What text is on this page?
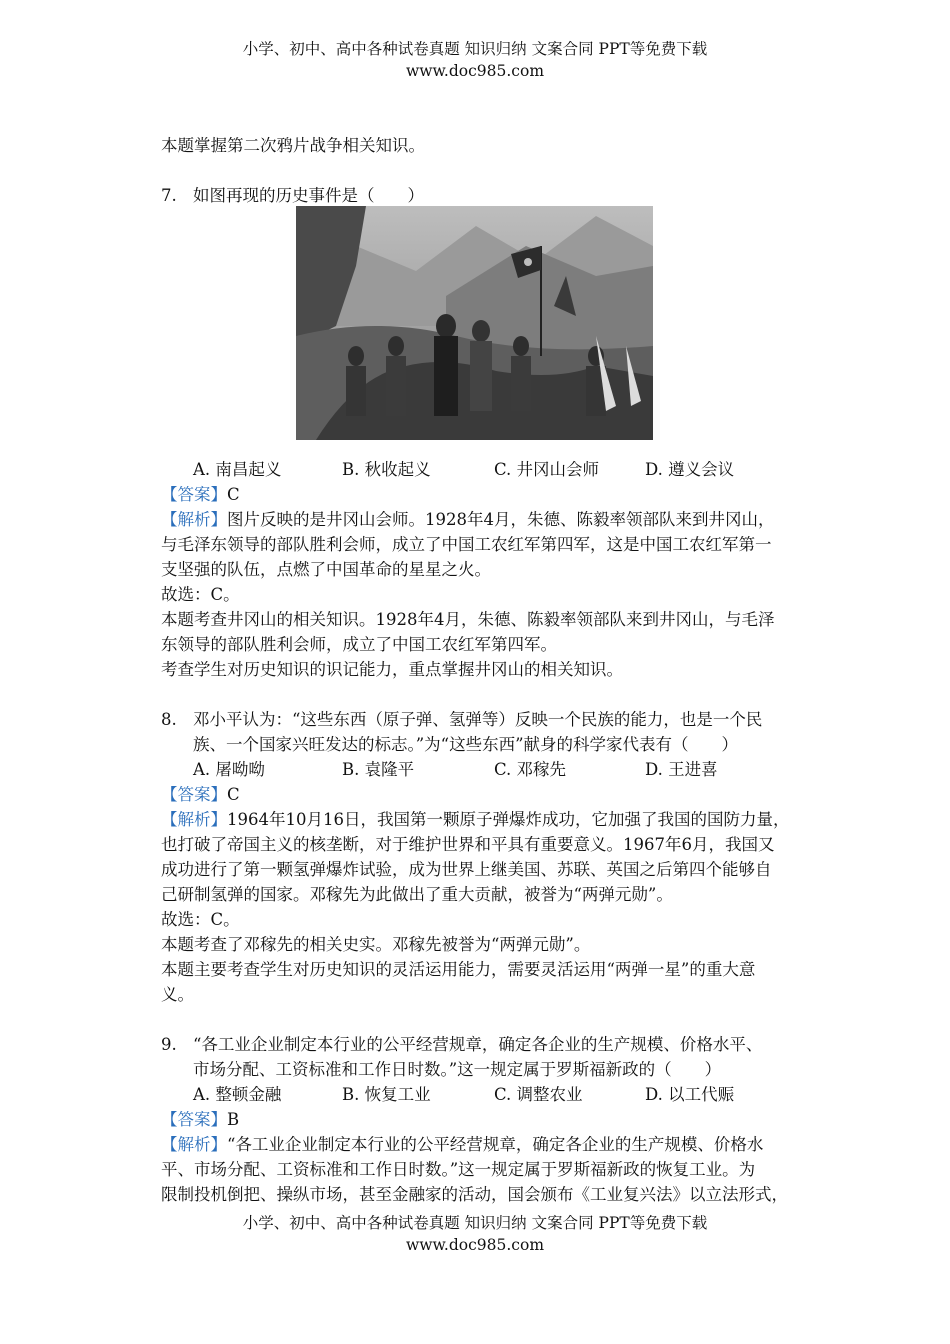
小学、初中、高中各种试卷真题 知识归纳 文案合同 PPT等免费下载
www.doc985.com
本题掌握第二次鸦片战争相关知识。
7. 如图再现的历史事件是（　　）
A. 南昌起义	B. 秋收起义	C. 井冈山会师	D. 遵义会议
【答案】C
【解析】图片反映的是井冈山会师。1928年4月，朱德、陈毅率领部队来到井冈山，
与毛泽东领导的部队胜利会师，成立了中国工农红军第四军，这是中国工农红军第一
支坚强的队伍，点燃了中国革命的星星之火。
故选：C。
本题考查井冈山的相关知识。1928年4月，朱德、陈毅率领部队来到井冈山，与毛泽
东领导的部队胜利会师，成立了中国工农红军第四军。
考查学生对历史知识的识记能力，重点掌握井冈山的相关知识。
8. 邓小平认为：“这些东西（原子弹、氢弹等）反映一个民族的能力，也是一个民
族、一个国家兴旺发达的标志。”为“这些东西”献身的科学家代表有（　　）
A. 屠呦呦	B. 袁隆平	C. 邓稼先	D. 王进喜
【答案】C
【解析】1964年10月16日，我国第一颗原子弹爆炸成功，它加强了我国的国防力量，
也打破了帝国主义的核垄断，对于维护世界和平具有重要意义。1967年6月，我国又
成功进行了第一颗氢弹爆炸试验，成为世界上继美国、苏联、英国之后第四个能够自
己研制氢弹的国家。邓稼先为此做出了重大贡献，被誉为“两弹元勋”。
故选：C。
本题考查了邓稼先的相关史实。邓稼先被誉为“两弹元勋”。
本题主要考查学生对历史知识的灵活运用能力，需要灵活运用“两弹一星”的重大意
义。
9. “各工业企业制定本行业的公平经营规章，确定各企业的生产规模、价格水平、
市场分配、工资标准和工作日时数。”这一规定属于罗斯福新政的（　　）
A. 整顿金融	B. 恢复工业	C. 调整农业	D. 以工代赈
【答案】B
【解析】“各工业企业制定本行业的公平经营规章，确定各企业的生产规模、价格水
平、市场分配、工资标准和工作日时数。”这一规定属于罗斯福新政的恢复工业。为
限制投机倒把、操纵市场，甚至金融家的活动，国会颁布《工业复兴法》以立法形式，
小学、初中、高中各种试卷真题 知识归纳 文案合同 PPT等免费下载
www.doc985.com
